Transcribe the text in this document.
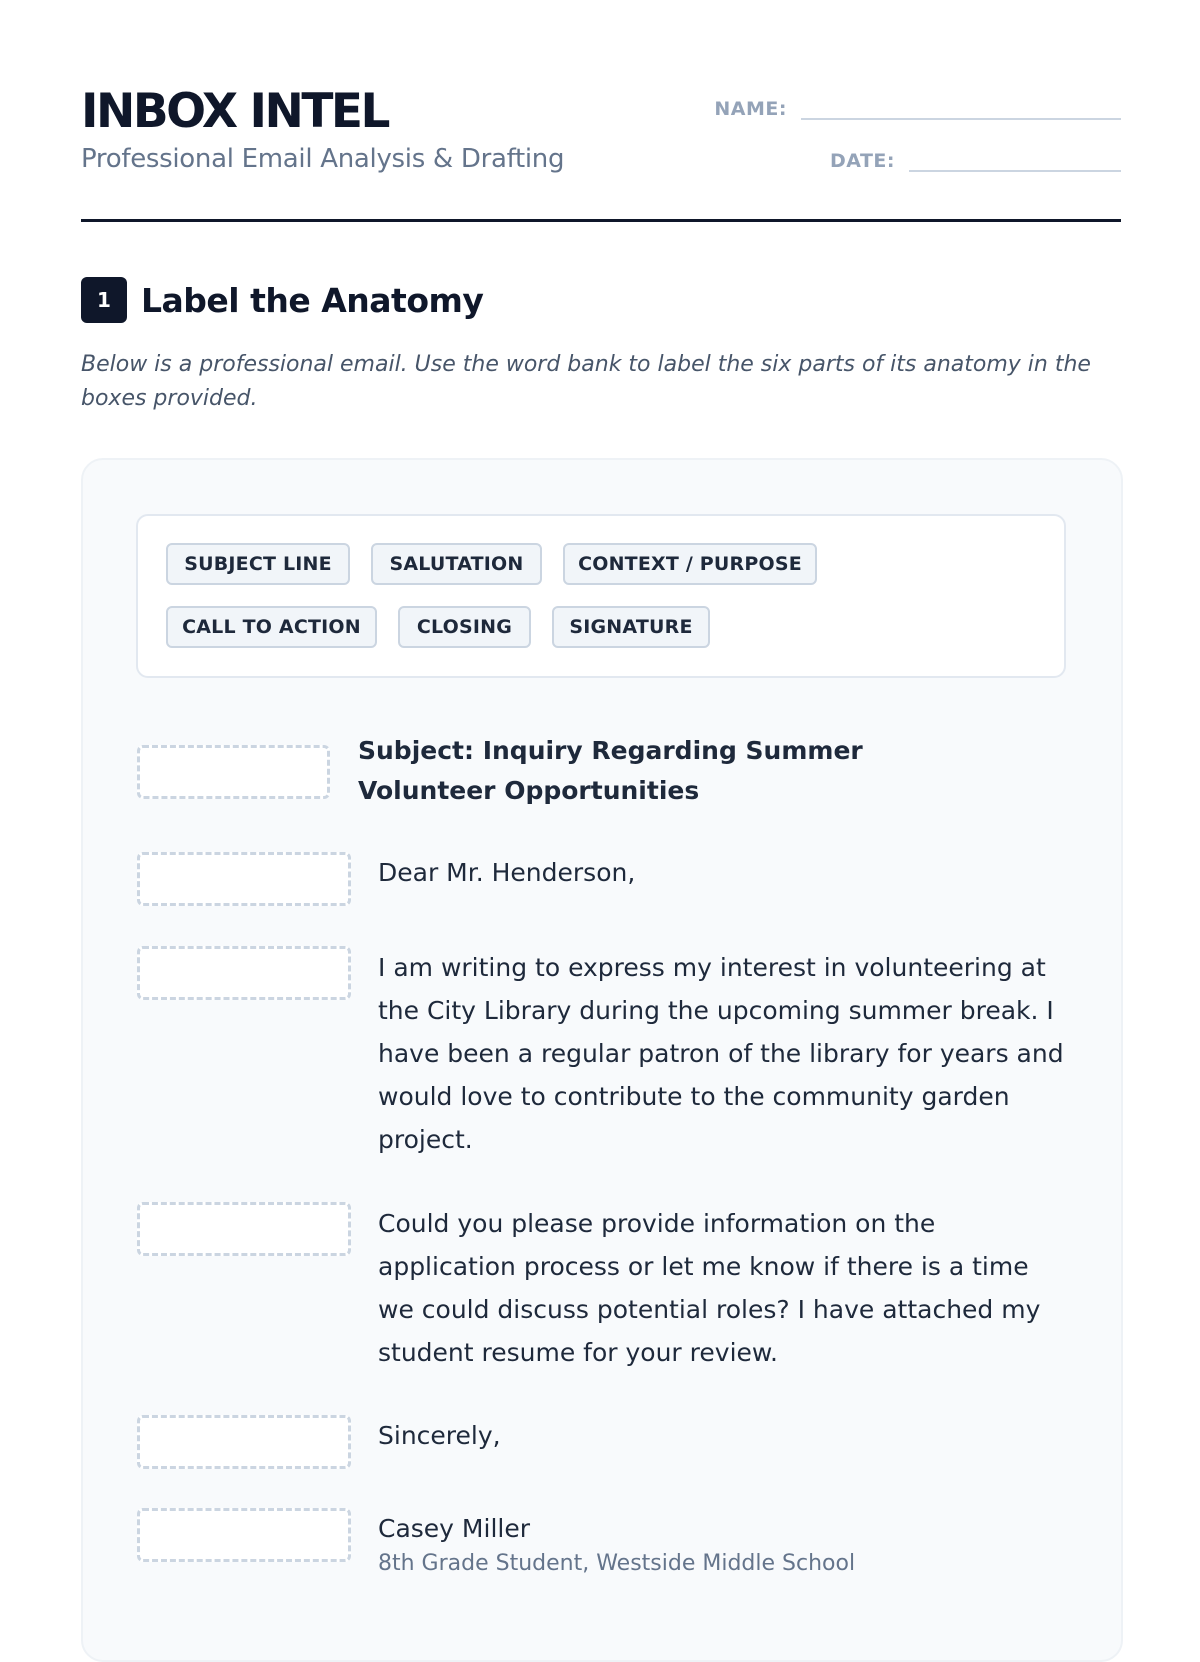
INBOX INTEL
Professional Email Analysis & Drafting
NAME:
DATE:
1 Label the Anatomy
Below is a professional email. Use the word bank to label the six parts of its anatomy in the boxes provided.
SUBJECT LINE	SALUTATION	CONTEXT / PURPOSE
CALL TO ACTION	CLOSING	SIGNATURE
Subject: Inquiry Regarding Summer Volunteer Opportunities
Dear Mr. Henderson,
I am writing to express my interest in volunteering at the City Library during the upcoming summer break. I have been a regular patron of the library for years and would love to contribute to the community garden project.
Could you please provide information on the application process or let me know if there is a time we could discuss potential roles? I have attached my student resume for your review.
Sincerely,
Casey Miller
8th Grade Student, Westside Middle School
